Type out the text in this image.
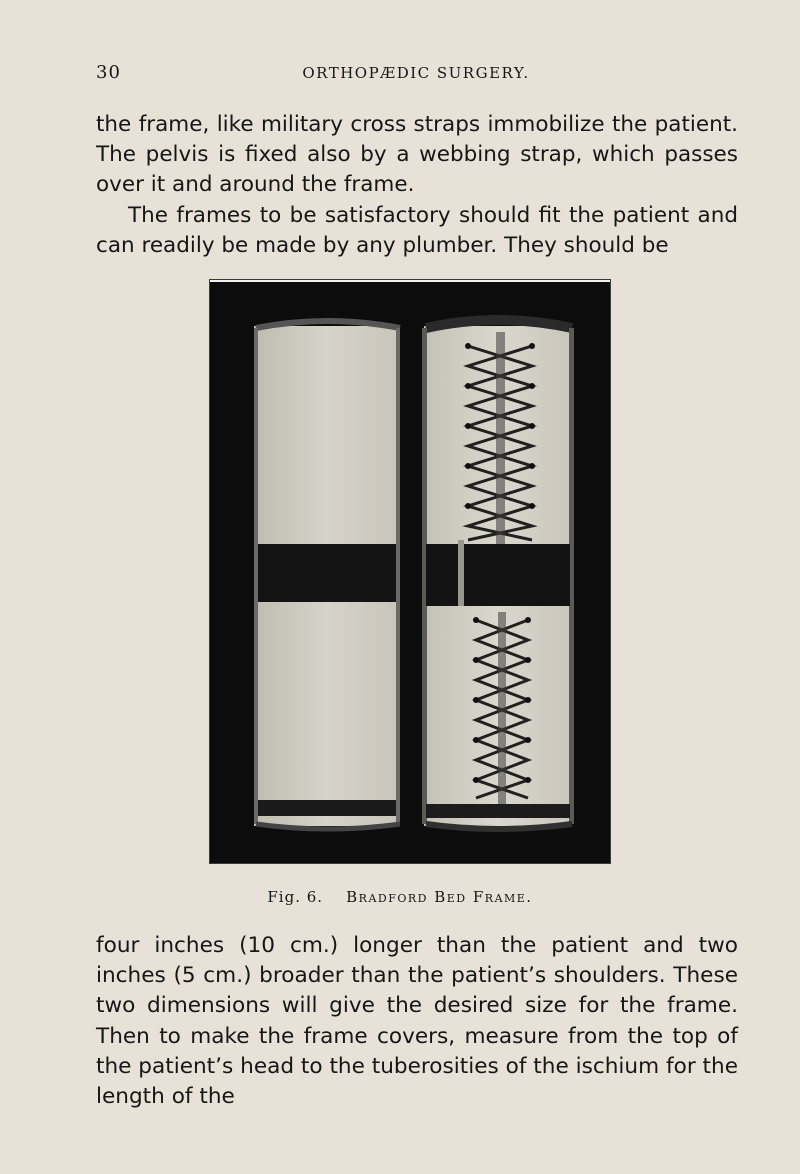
30	ORTHOPÆDIC SURGERY.

the frame, like military cross straps immobilize the patient. The pelvis is fixed also by a webbing strap, which passes over it and around the frame.

The frames to be satisfactory should fit the patient and can readily be made by any plumber. They should be

Fig. 6. Bradford Bed Frame.

four inches (10 cm.) longer than the patient and two inches (5 cm.) broader than the patient’s shoulders. These two dimensions will give the desired size for the frame. Then to make the frame covers, measure from the top of the patient’s head to the tuberosities of the ischium for the length of the
